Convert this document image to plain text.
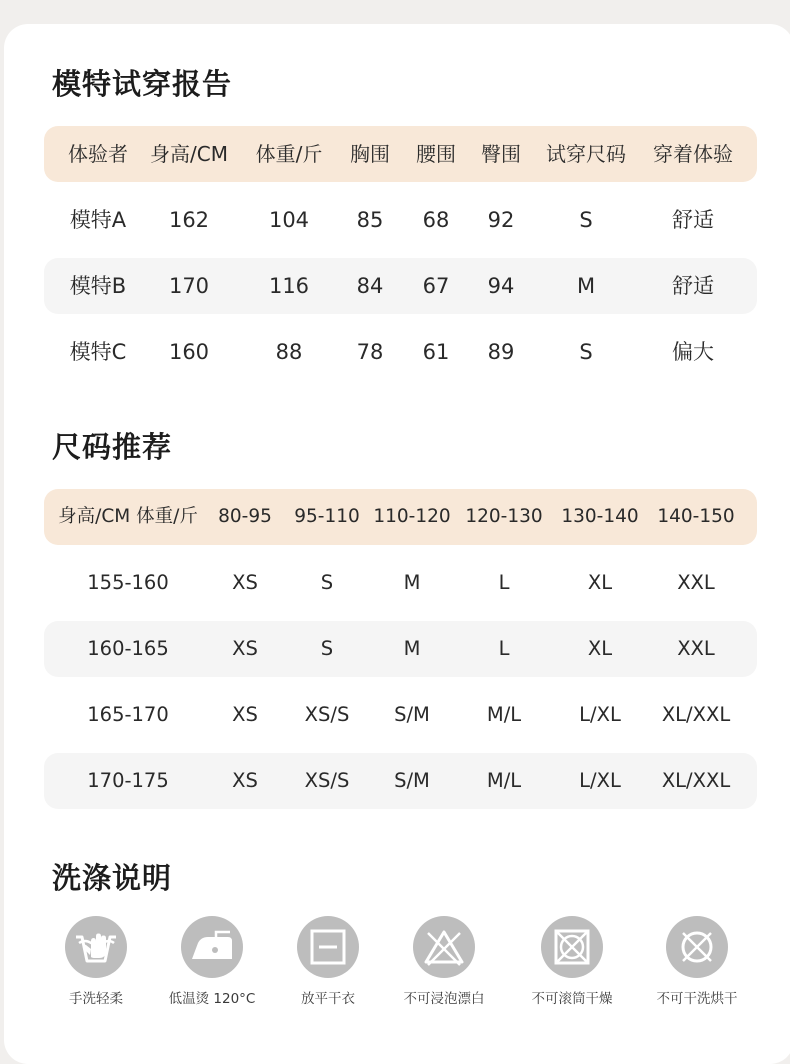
模特试穿报告
体验者 身高/CM 体重/斤 胸围 腰围 臀围 试穿尺码 穿着体验
模特A 162	104 85 68 92	S	舒适
模特B 170	116 84 67 94	M	舒适
模特C 160	88	78 61 89	S	偏大
尺码推荐
身高/CM 体重/斤 80-95 95-110 110-120 120-130 130-140 140-150
155-160	XS	S	M	L	XL	XXL
160-165	XS	S	M	L	XL	XXL
165-170	XS XS/S S/M	M/L	L/XL XL/XXL
170-175	XS XS/S S/M	M/L	L/XL XL/XXL
洗涤说明
手洗轻柔	低温烫 120°C	放平干衣	不可浸泡漂白	不可滚筒干燥	不可干洗烘干
